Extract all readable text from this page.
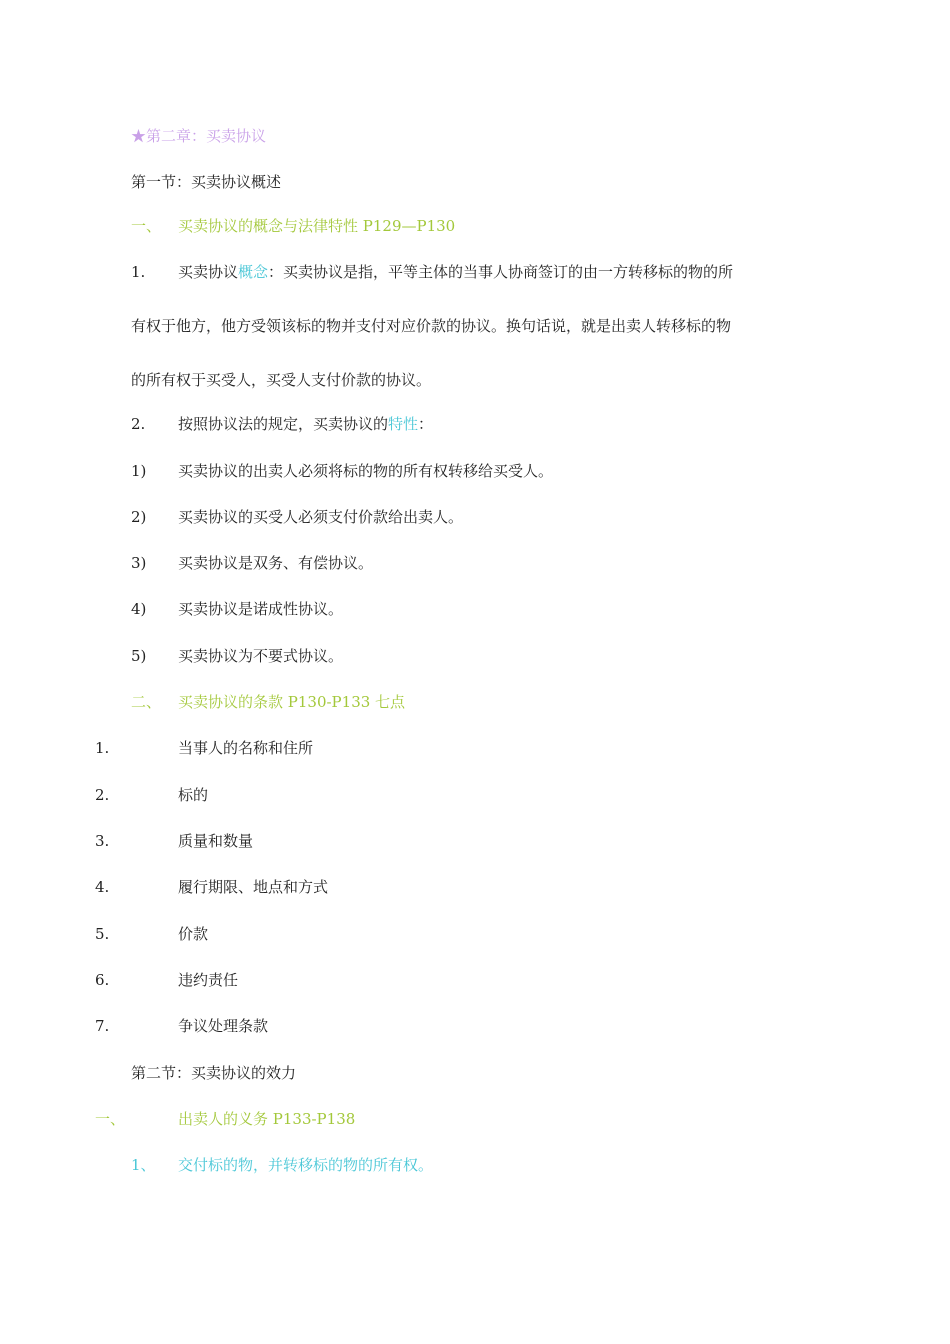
★第二章：买卖协议
第一节：买卖协议概述
一、 买卖协议的概念与法律特性 P129—P130
1. 买卖协议概念：买卖协议是指，平等主体的当事人协商签订的由一方转移标的物的所
有权于他方，他方受领该标的物并支付对应价款的协议。换句话说，就是出卖人转移标的物
的所有权于买受人，买受人支付价款的协议。
2. 按照协议法的规定，买卖协议的特性：
1) 买卖协议的出卖人必须将标的物的所有权转移给买受人。
2) 买卖协议的买受人必须支付价款给出卖人。
3) 买卖协议是双务、有偿协议。
4) 买卖协议是诺成性协议。
5) 买卖协议为不要式协议。
二、 买卖协议的条款 P130-P133 七点
1.	当事人的名称和住所
2.	标的
3.	质量和数量
4.	履行期限、地点和方式
5.	价款
6.	违约责任
7.	争议处理条款
第二节：买卖协议的效力
一、	出卖人的义务 P133-P138
1、 交付标的物，并转移标的物的所有权。
